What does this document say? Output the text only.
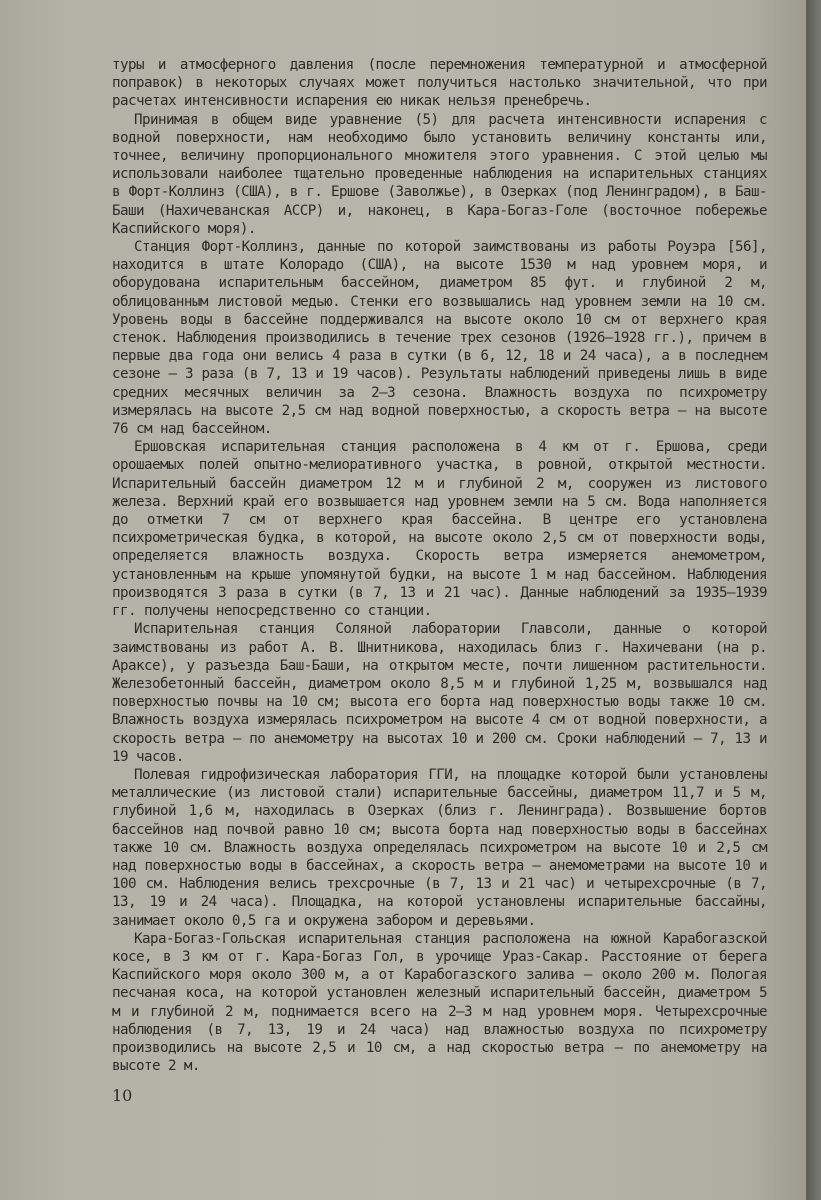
туры и атмосферного давления (после перемножения температурной и атмосферной поправок) в некоторых случаях может получиться настолько значительной, что при расчетах интенсивности испарения ею никак нельзя пренебречь.

Принимая в общем виде уравнение (5) для расчета интенсивности испарения с водной поверхности, нам необходимо было установить величину константы или, точнее, величину пропорционального множителя этого уравнения. С этой целью мы использовали наиболее тщательно проведенные наблюдения на испарительных станциях в Форт-Коллинз (США), в г. Ершове (Заволжье), в Озерках (под Ленинградом), в Баш-Баши (Нахичеванская АССР) и, наконец, в Кара-Богаз-Голе (восточное побережье Каспийского моря).

Станция Форт-Коллинз, данные по которой заимствованы из работы Роуэра [56], находится в штате Колорадо (США), на высоте 1530 м над уровнем моря, и оборудована испарительным бассейном, диаметром 85 фут. и глубиной 2 м, облицованным листовой медью. Стенки его возвышались над уровнем земли на 10 см. Уровень воды в бассейне поддерживался на высоте около 10 см от верхнего края стенок. Наблюдения производились в течение трех сезонов (1926—1928 гг.), причем в первые два года они велись 4 раза в сутки (в 6, 12, 18 и 24 часа), а в последнем сезоне — 3 раза (в 7, 13 и 19 часов). Результаты наблюдений приведены лишь в виде средних месячных величин за 2—3 сезона. Влажность воздуха по психрометру измерялась на высоте 2,5 см над водной поверхностью, а скорость ветра — на высоте 76 см над бассейном.

Ершовская испарительная станция расположена в 4 км от г. Ершова, среди орошаемых полей опытно-мелиоративного участка, в ровной, открытой местности. Испарительный бассейн диаметром 12 м и глубиной 2 м, сооружен из листового железа. Верхний край его возвышается над уровнем земли на 5 см. Вода наполняется до отметки 7 см от верхнего края бассейна. В центре его установлена психрометрическая будка, в которой, на высоте около 2,5 см от поверхности воды, определяется влажность воздуха. Скорость ветра измеряется анемометром, установленным на крыше упомянутой будки, на высоте 1 м над бассейном. Наблюдения производятся 3 раза в сутки (в 7, 13 и 21 час). Данные наблюдений за 1935—1939 гг. получены непосредственно со станции.

Испарительная станция Соляной лаборатории Главсоли, данные о которой заимствованы из работ А. В. Шнитникова, находилась близ г. Нахичевани (на р. Араксе), у разъезда Баш-Баши, на открытом месте, почти лишенном растительности. Железобетонный бассейн, диаметром около 8,5 м и глубиной 1,25 м, возвышался над поверхностью почвы на 10 см; высота его борта над поверхностью воды также 10 см. Влажность воздуха измерялась психрометром на высоте 4 см от водной поверхности, а скорость ветра — по анемометру на высотах 10 и 200 см. Сроки наблюдений — 7, 13 и 19 часов.

Полевая гидрофизическая лаборатория ГГИ, на площадке которой были установлены металлические (из листовой стали) испарительные бассейны, диаметром 11,7 и 5 м, глубиной 1,6 м, находилась в Озерках (близ г. Ленинграда). Возвышение бортов бассейнов над почвой равно 10 см; высота борта над поверхностью воды в бассейнах также 10 см. Влажность воздуха определялась психрометром на высоте 10 и 2,5 см над поверхностью воды в бассейнах, а скорость ветра — анемометрами на высоте 10 и 100 см. Наблюдения велись трехсрочные (в 7, 13 и 21 час) и четырехсрочные (в 7, 13, 19 и 24 часа). Площадка, на которой установлены испарительные бассайны, занимает около 0,5 га и окружена забором и деревьями.

Кара-Богаз-Гольская испарительная станция расположена на южной Карабогазской косе, в 3 км от г. Кара-Богаз Гол, в урочище Ураз-Сакар. Расстояние от берега Каспийского моря около 300 м, а от Карабогазского залива — около 200 м. Пологая песчаная коса, на которой установлен железный испарительный бассейн, диаметром 5 м и глубиной 2 м, поднимается всего на 2—3 м над уровнем моря. Четырехсрочные наблюдения (в 7, 13, 19 и 24 часа) над влажностью воздуха по психрометру производились на высоте 2,5 и 10 см, а над скоростью ветра — по анемометру на высоте 2 м.

10
